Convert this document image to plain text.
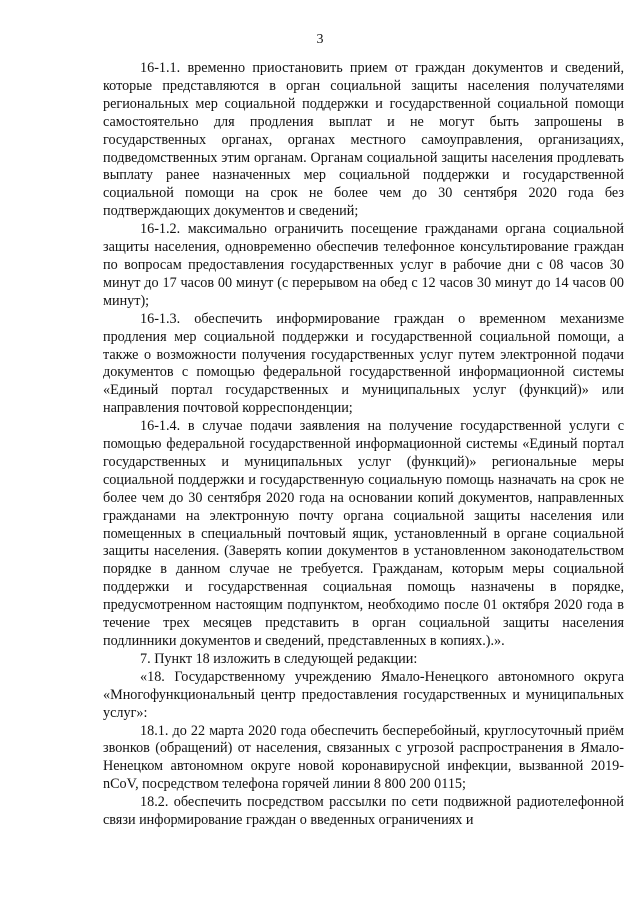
3

16-1.1. временно приостановить прием от граждан документов и сведений, которые представляются в орган социальной защиты населения получателями региональных мер социальной поддержки и государственной социальной помощи самостоятельно для продления выплат и не могут быть запрошены в государственных органах, органах местного самоуправления, организациях, подведомственных этим органам. Органам социальной защиты населения продлевать выплату ранее назначенных мер социальной поддержки и государственной социальной помощи на срок не более чем до 30 сентября 2020 года без подтверждающих документов и сведений;

16-1.2. максимально ограничить посещение гражданами органа социальной защиты населения, одновременно обеспечив телефонное консультирование граждан по вопросам предоставления государственных услуг в рабочие дни с 08 часов 30 минут до 17 часов 00 минут (с перерывом на обед с 12 часов 30 минут до 14 часов 00 минут);

16-1.3. обеспечить информирование граждан о временном механизме продления мер социальной поддержки и государственной социальной помощи, а также о возможности получения государственных услуг путем электронной подачи документов с помощью федеральной государственной информационной системы «Единый портал государственных и муниципальных услуг (функций)» или направления почтовой корреспонденции;

16-1.4. в случае подачи заявления на получение государственной услуги с помощью федеральной государственной информационной системы «Единый портал государственных и муниципальных услуг (функций)» региональные меры социальной поддержки и государственную социальную помощь назначать на срок не более чем до 30 сентября 2020 года на основании копий документов, направленных гражданами на электронную почту органа социальной защиты населения или помещенных в специальный почтовый ящик, установленный в органе социальной защиты населения. (Заверять копии документов в установленном законодательством порядке в данном случае не требуется. Гражданам, которым меры социальной поддержки и государственная социальная помощь назначены в порядке, предусмотренном настоящим подпунктом, необходимо после 01 октября 2020 года в течение трех месяцев представить в орган социальной защиты населения подлинники документов и сведений, представленных в копиях.).».

7. Пункт 18 изложить в следующей редакции:

«18. Государственному учреждению Ямало-Ненецкого автономного округа «Многофункциональный центр предоставления государственных и муниципальных услуг»:

18.1. до 22 марта 2020 года обеспечить бесперебойный, круглосуточный приём звонков (обращений) от населения, связанных с угрозой распространения в Ямало-Ненецком автономном округе новой коронавирусной инфекции, вызванной 2019-nCoV, посредством телефона горячей линии 8 800 200 0115;

18.2. обеспечить посредством рассылки по сети подвижной радиотелефонной связи информирование граждан о введенных ограничениях и
